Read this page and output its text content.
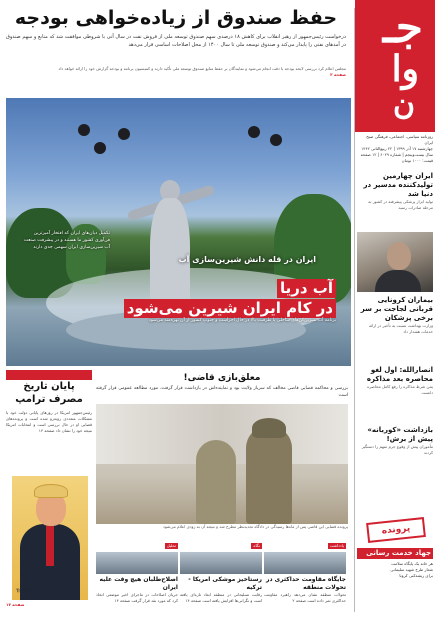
جـ
وا
ن
روزنامه سیاسی، اجتماعی، فرهنگی صبح ایران
چهارشنبه ۱۷ آذر ۱۳۹۹ | ۲۲ ربیع‌الثانی ۱۴۴۲
سال بیست‌وپنجم | شماره ۶۰۲۹ | ۱۲ صفحه
قیمت: ۱۰۰۰ تومان
ایران چهارمین تولیدکننده مدسیر در دنیا شد

تولید ابزار پزشکی پیشرفته در کشور به مرحله صادرات رسید

بیماران کرونایی قربانی لجاجت بر سر برخی پزشکان

وزارت بهداشت نسبت به تأخیر در ارائه خدمات هشدار داد

انصارالله: اول لغو محاصره بعد مذاکره

یمن شرط مذاکره را رفع کامل محاصره دانست

بازداشت «کوربانه» پیش از برش!

مأموران پیش از وقوع جرم متهم را دستگیر کردند

پرونده
جهاد خدمت رسانی
هر خانه یک پایگاه سلامت
شعار طرح شهید سلیمانی
برای ریشه‌کنی کرونا
حفظ صندوق از زیاده‌خواهی بودجه

درخواست رئیس‌جمهور از رهبر انقلاب برای کاهش ۱۸ درصدی سهم صندوق توسعه ملی از فروش نفت در سال آتی با شروطی موافقت شد که منابع و سهم صندوق در آمدهای نفتی را پایدار می‌کند و صندوق توسعه ملی تا سال ۱۴۰۰ از محل اصلاحات اساسی قرار می‌دهد

مجلس اعلام کرد بررسی لایحه بودجه با دقت انجام می‌شود و نمایندگان بر حفظ منابع صندوق توسعه ملی تأکید دارند و کمیسیون برنامه و بودجه گزارش خود را ارائه خواهد داد

صفحه ۳

تکمیل دیان‌های ایران که افتخار آمیز‌ترین فن‌آوری کشور ما هستند و در پیشرفت صنعت آب شیرین‌سازی ایران سهمی جدی دارند

ایران در قله دانش شیرین‌سازی آب

آب دریا
در کام ایران شیرین می‌شود

برنامه آب شیرین‌کن‌های ساحلی با ظرفیت بالا در حال اجراست و جنوب کشور از آن بهره‌مند می‌شود

معلق‌بازی قاضی!

بررسی و محاکمه قضایی قاضی مخالف که سرباز ولایت بود و نماینده‌اش در بازداشت قرار گرفت، مورد مطالعه عمومی قرار گرفته است

پرونده قضایی این قاضی پس از ماه‌ها رسیدگی در دادگاه تجدیدنظر مطرح شد و نتیجه آن به زودی اعلام می‌شود

یادداشت
جایگاه مقاومت حداکثری در تحولات منطقه

تحولات منطقه نشان می‌دهد راهبرد مقاومت حداکثری ثمر داده است صفحه ۲

نگاه
رستاخیز موشکی امریکا - ترکیه

رقابت تسلیحاتی در منطقه ابعاد تازه‌ای یافته است و نگرانی‌ها افزایش یافته است صفحه ۱۴

تحلیل
اصلاح‌طلبان هیچ وقت علیه ایران

جریان اصلاحات در ماجرای اخیر موضعی اتخاذ کرد که مورد نقد قرار گرفت صفحه ۱۴

پایان تاریخ مصرف ترامپ

رئیس‌جمهور امریکا در روزهای پایانی دولت خود با مشکلات متعددی روبه‌رو شده است و پرونده‌های قضایی او در حال بررسی است و انتخابات امریکا نتیجه خود را نشان داد صفحه ۱۴

Trump
صفحه ۱۴
